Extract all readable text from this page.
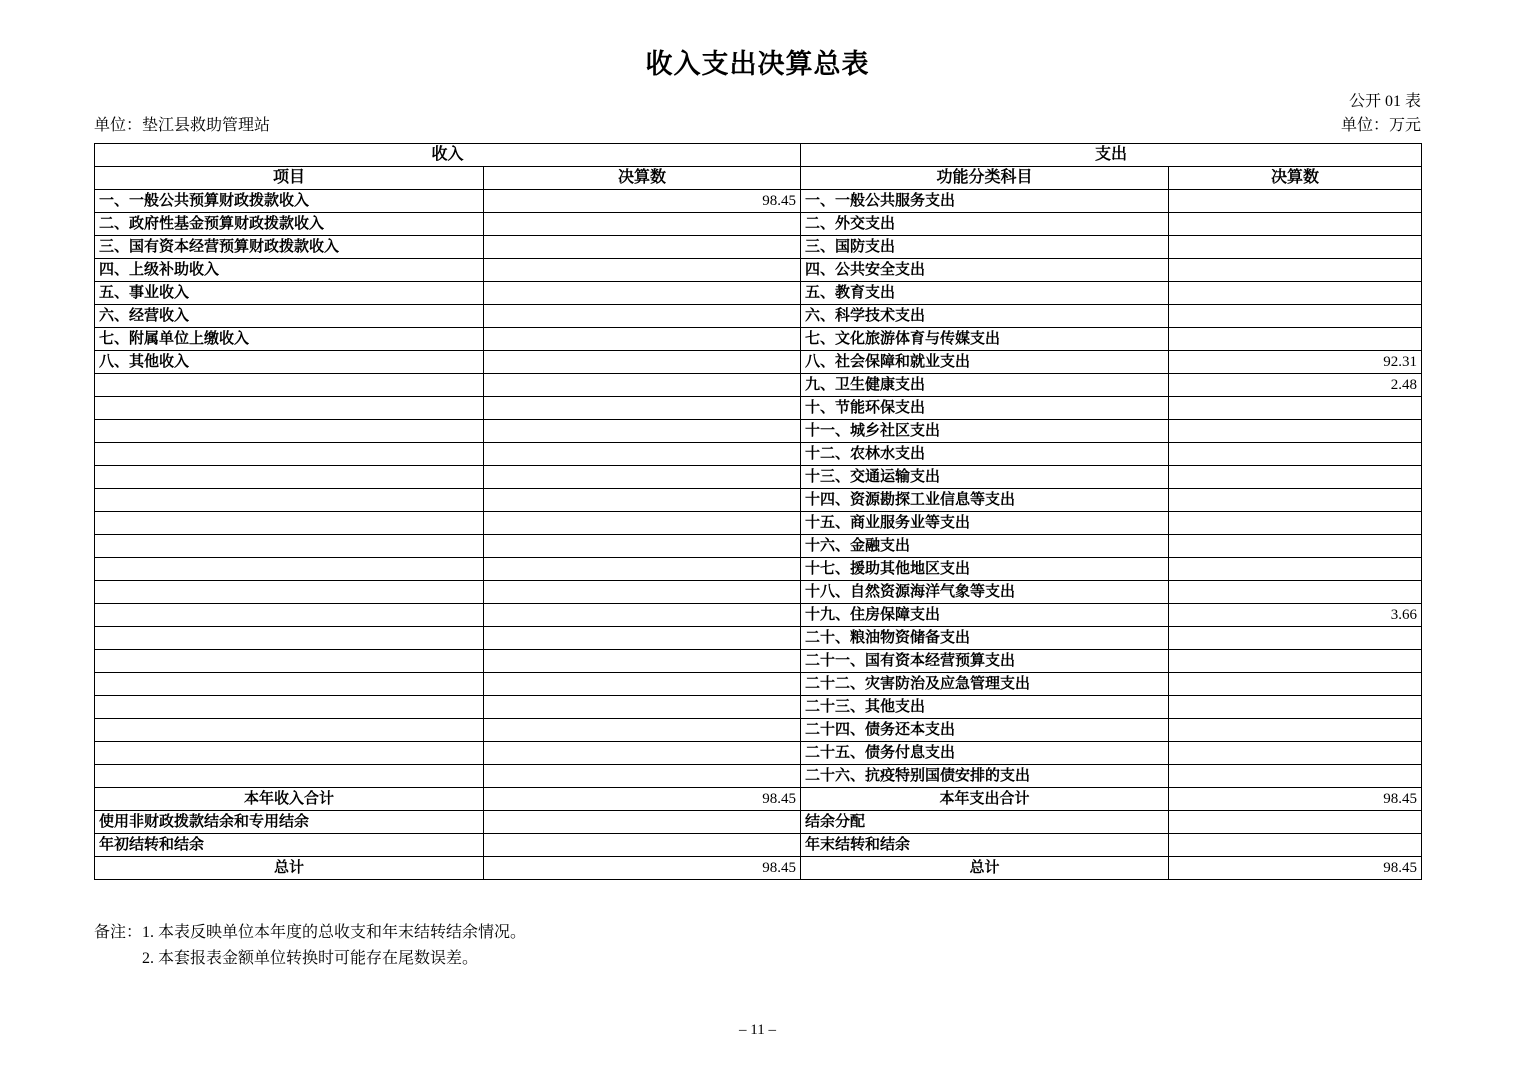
收入支出决算总表
公开 01 表
单位：垫江县救助管理站	单位：万元
收入		支出	
项目	决算数	功能分类科目	决算数
一、一般公共预算财政拨款收入	98.45	一、一般公共服务支出	
二、政府性基金预算财政拨款收入		二、外交支出	
三、国有资本经营预算财政拨款收入		三、国防支出	
四、上级补助收入		四、公共安全支出	
五、事业收入		五、教育支出	
六、经营收入		六、科学技术支出	
七、附属单位上缴收入		七、文化旅游体育与传媒支出	
八、其他收入		八、社会保障和就业支出	92.31
		九、卫生健康支出	2.48
		十、节能环保支出	
		十一、城乡社区支出	
		十二、农林水支出	
		十三、交通运输支出	
		十四、资源勘探工业信息等支出	
		十五、商业服务业等支出	
		十六、金融支出	
		十七、援助其他地区支出	
		十八、自然资源海洋气象等支出	
		十九、住房保障支出	3.66
		二十、粮油物资储备支出	
		二十一、国有资本经营预算支出	
		二十二、灾害防治及应急管理支出	
		二十三、其他支出	
		二十四、债务还本支出	
		二十五、债务付息支出	
		二十六、抗疫特别国债安排的支出	
本年收入合计	98.45	本年支出合计	98.45
使用非财政拨款结余和专用结余		结余分配	
年初结转和结余		年末结转和结余	
总计	98.45	总计	98.45
备注： 1. 本表反映单位本年度的总收支和年末结转结余情况。
2. 本套报表金额单位转换时可能存在尾数误差。
– 11 –
